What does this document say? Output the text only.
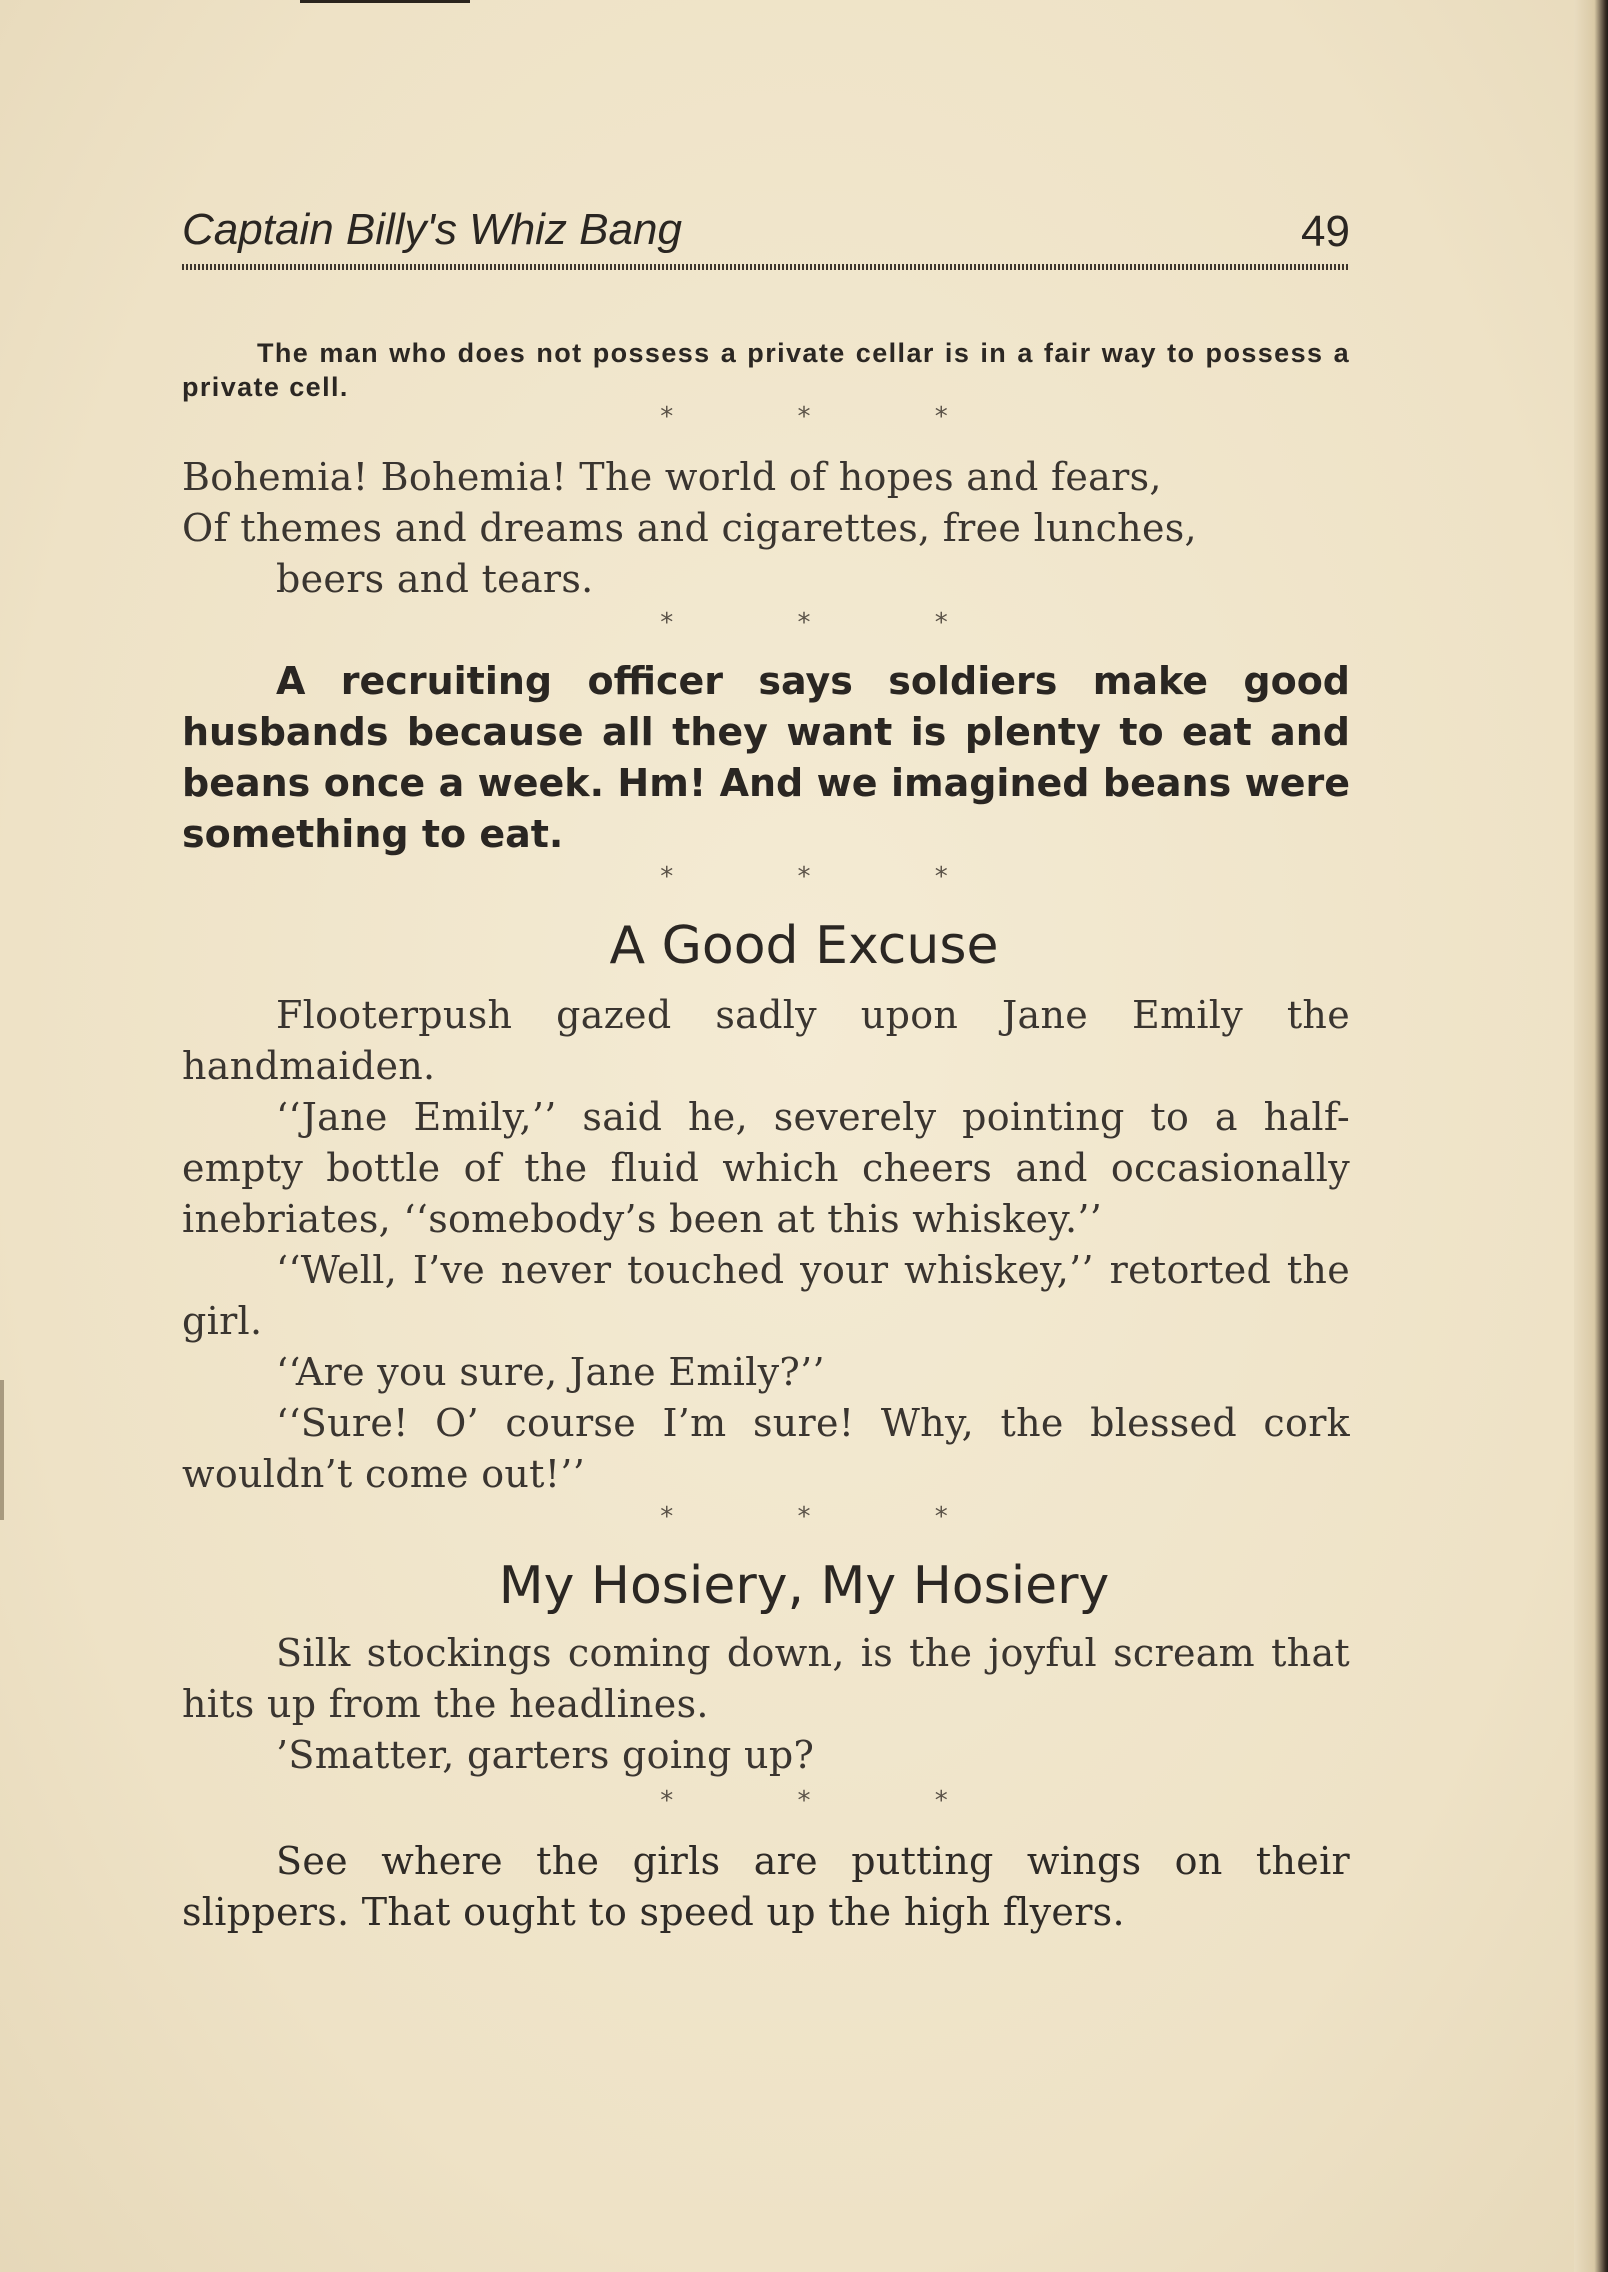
Captain Billy's Whiz Bang	49

The man who does not possess a private cellar is in a fair way to possess a private cell.

* * *

Bohemia! Bohemia! The world of hopes and fears,

Of themes and dreams and cigarettes, free lunches,

beers and tears.

* * *

A recruiting officer says soldiers make good husbands because all they want is plenty to eat and beans once a week. Hm! And we imagined beans were something to eat.

* * *
A Good Excuse

Flooterpush gazed sadly upon Jane Emily the handmaiden.

‘‘Jane Emily,’’ said he, severely pointing to a half-empty bottle of the fluid which cheers and occasionally inebriates, ‘‘somebody’s been at this whiskey.’’

‘‘Well, I’ve never touched your whiskey,’’ retorted the girl.

‘‘Are you sure, Jane Emily?’’

‘‘Sure! O’ course I’m sure! Why, the blessed cork wouldn’t come out!’’

* * *
My Hosiery, My Hosiery

Silk stockings coming down, is the joyful scream that hits up from the headlines.

’Smatter, garters going up?

* * *

See where the girls are putting wings on their slippers. That ought to speed up the high flyers.
